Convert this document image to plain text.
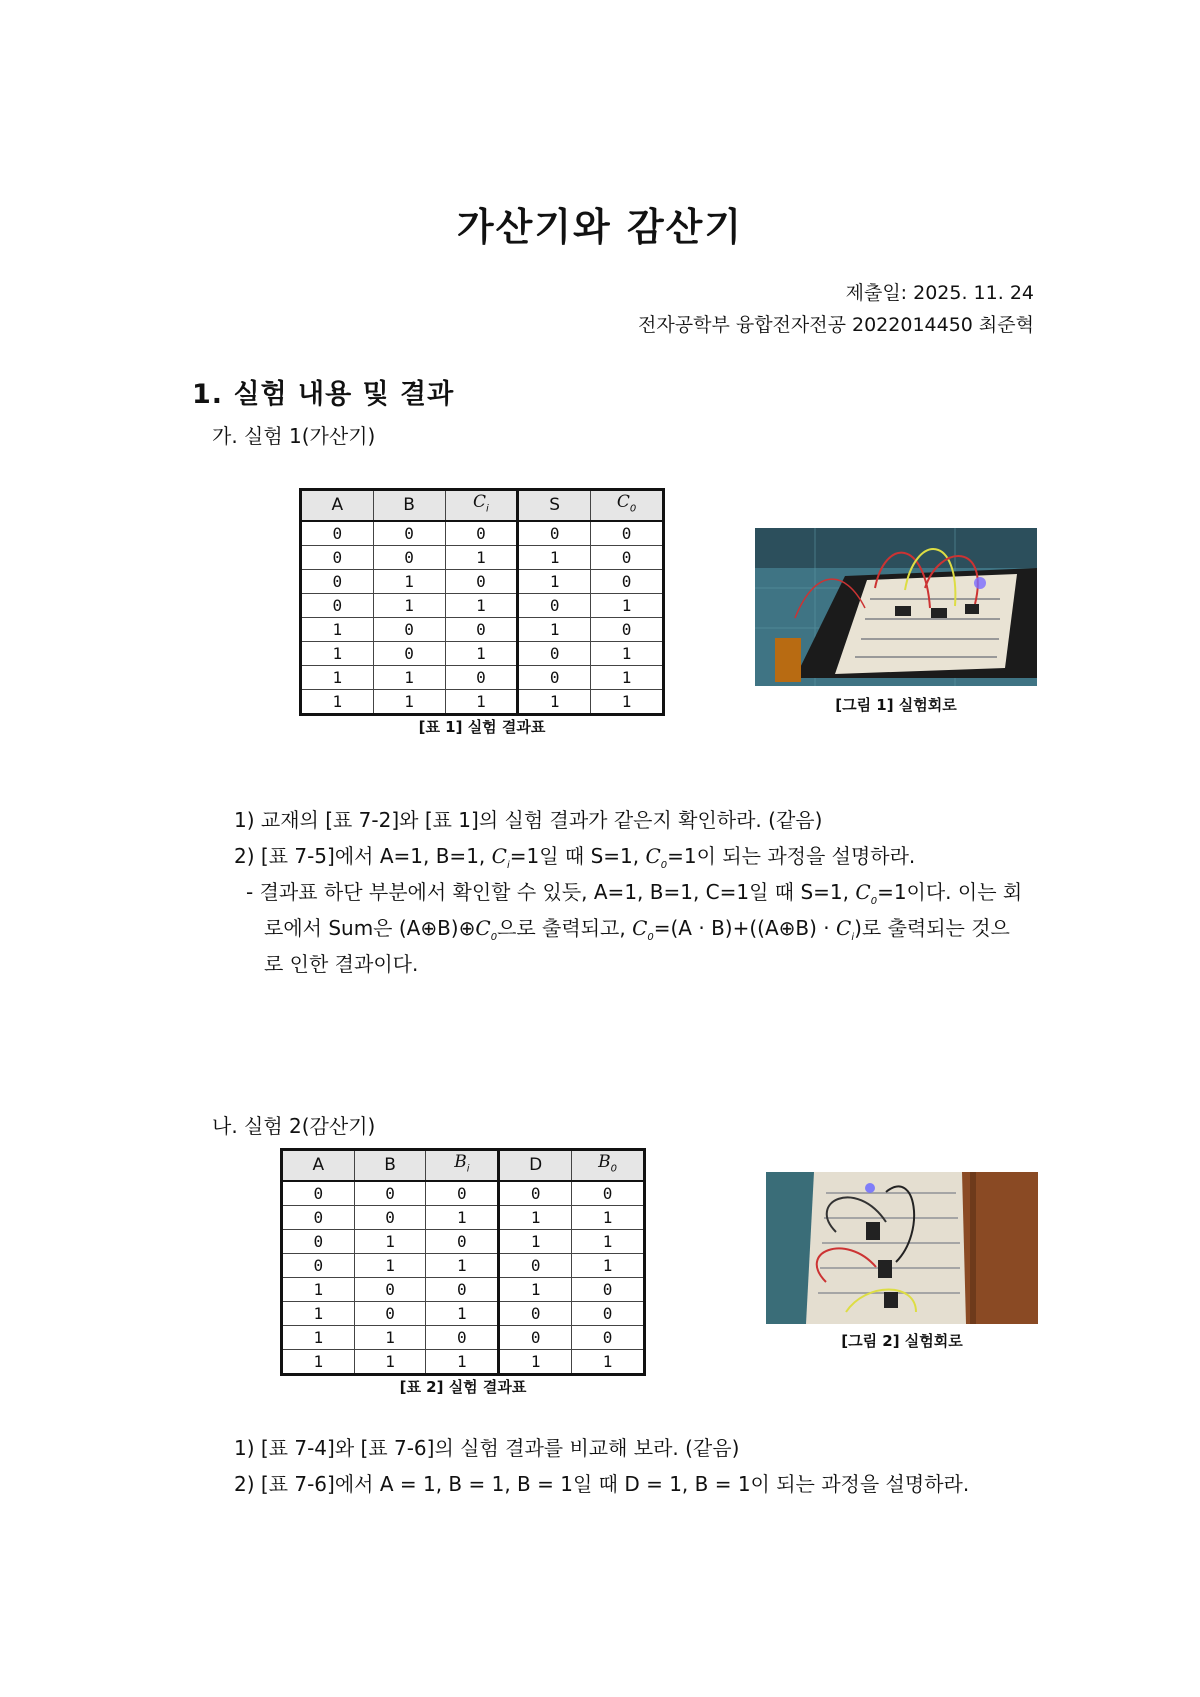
가산기와 감산기
제출일: 2025. 11. 24
전자공학부 융합전자전공 2022014450 최준혁
1. 실험 내용 및 결과
가. 실험 1(가산기)
A	B	$C_i$	S	$C_0$
0	0	0	0	0
0	0	1	1	0
0	1	0	1	0
0	1	1	0	1
1	0	0	1	0
1	0	1	0	1
1	1	0	0	1
1	1	1	1	1
[표 1] 실험 결과표
[그림 1] 실험회로
1) 교재의 [표 7-2]와 [표 1]의 실험 결과가 같은지 확인하라. (같음)
2) [표 7-5]에서 A=1, B=1, $C_i=1$일 때 S=1, $C_0=1$이 되는 과정을 설명하라.
- 결과표 하단 부분에서 확인할 수 있듯, A=1, B=1, C=1일 때 S=1, $C_0=1$이다. 이는 회
로에서 Sum은 $(A\oplus B)\oplus C_0$으로 출력되고, $C_0=(A$ · B)+((A⊕B) · $C_i$)로 출력되는 것으
로 인한 결과이다.
나. 실험 2(감산기)
A	B	$B_i$	D	$B_0$
0	0	0	0	0
0	0	1	1	1
0	1	0	1	1
0	1	1	0	1
1	0	0	1	0
1	0	1	0	0
1	1	0	0	0
1	1	1	1	1
[표 2] 실험 결과표
[그림 2] 실험회로
1) [표 7-4]와 [표 7-6]의 실험 결과를 비교해 보라. (같음)
2) [표 7-6]에서 A = 1, B = 1, B = 1일 때 D = 1, B = 1이 되는 과정을 설명하라.
